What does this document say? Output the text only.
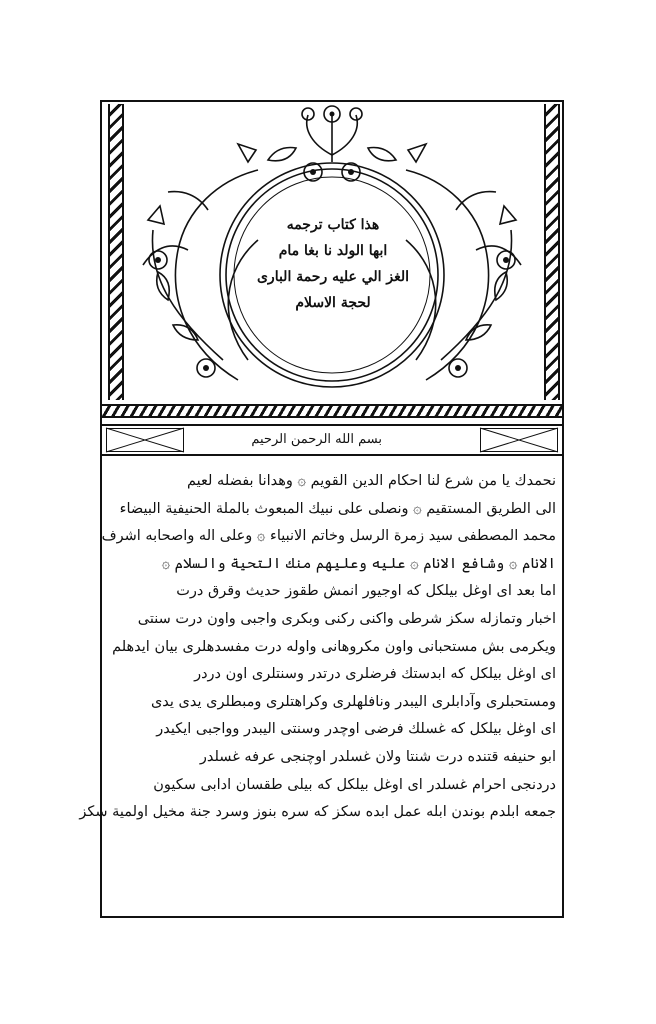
هذا كتاب ترجمه
ابها الولد نا بغا مام
الغز الي عليه رحمة البارى
لحجة الاسلام
بسم الله الرحمن الرحيم
نحمدك يا من شرع لنا احكام الدين القويم ۞ وهدانا بفضله لعيم
الى الطريق المستقيم ۞ ونصلى على نبيك المبعوث بالملة الحنيفية البيضاء
محمد المصطفى سيد زمرة الرسل وخاتم الانبياء ۞ وعلى اله واصحابه اشرف
الانام ۞ وشافع الانام ۞ عليه وعليهم منك التحية والسلام ۞
اما بعد اى اوغل بيلكل كه اوجيور انمش طقوز حديث وقرق درت
اخبار وتمازله سكز شرطى واكنى ركنى وبكرى واجبى واون درت سنتى
ويكرمى بش مستحبانى واون مكروهانى واوله درت مفسدهلرى بيان ايدهلم
اى اوغل بيلكل كه ابدستك فرضلرى درتدر وسنتلرى اون دردر
ومستحبلرى وآدابلرى اليبدر ونافلهلرى وكراهتلرى ومبطلرى يدى يدى
اى اوغل بيلكل كه غسلك فرضى اوچدر وسنتى اليبدر وواجبى ايكيدر
ابو حنيفه قتنده درت شنتا ولان غسلدر اوچنجى عرفه غسلدر
دردنجى احرام غسلدر اى اوغل بيلكل كه بيلى طقسان ادابى سكيون
جمعه ابلدم بوندن ابله عمل ابده سكز كه سره بنوز وسرد جنة مخيل اولمية سكز
